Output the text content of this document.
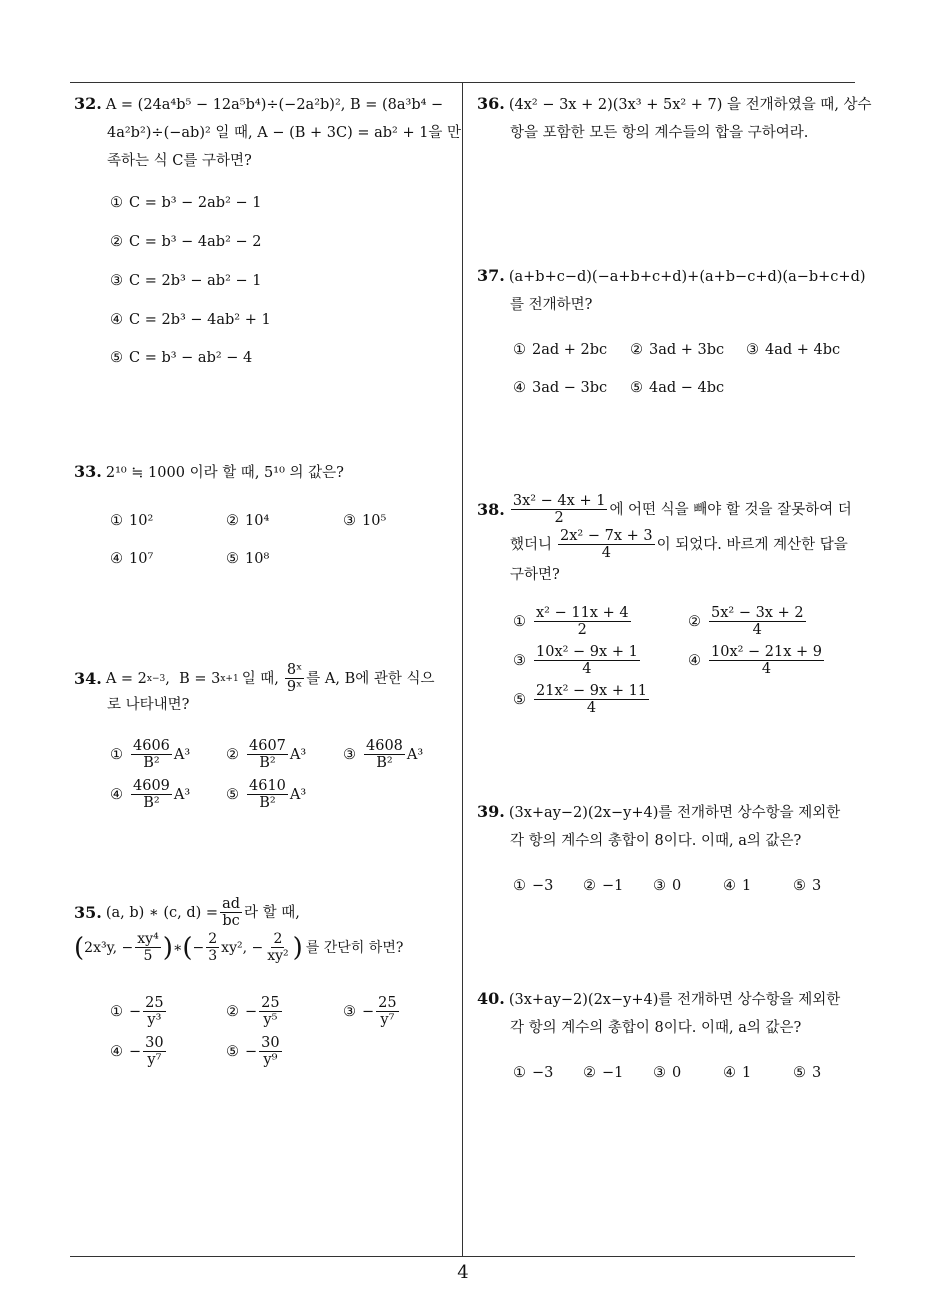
32. A = (24a⁴b⁵ − 12a⁵b⁴)÷(−2a²b)², B = (8a³b⁴ −
4a²b²)÷(−ab)² 일 때, A − (B + 3C) = ab² + 1을 만
족하는 식 C를 구하면?
① C = b³ − 2ab² − 1
② C = b³ − 4ab² − 2
③ C = 2b³ − ab² − 1
④ C = 2b³ − 4ab² + 1
⑤ C = b³ − ab² − 4
33. 2¹⁰ ≒ 1000 이라 할 때, 5¹⁰ 의 값은?
① 10²	② 10⁴	③ 10⁵
④ 10⁷	⑤ 10⁸
34. A = 2 x−3 ,  B = 3 x+1 일 때, $\frac{\text{8ˣ}}{\text{9ˣ}}$ 를 A, B에 관한 식으
로 나타내면?
① $\frac{4606}{\text{B²}} A^3$ ② $\frac{4607}{\text{B²}} A^3$	③ $\frac{4608}{\text{B²}} A^3$
④ $\frac{4609}{\text{B²}} A^3$ ⑤ $\frac{4610}{\text{B²}} A^3$
35. (a, b) ∗ (c, $d) = \frac{ad}{bc}$ 라 할 때,
( 2x³y, − $\frac{\text{xy⁴}}{5}$ ) ∗ ( − $\frac{2}{3} xy^2$, − $\frac{2}{\text{xy²}}$ ) 를 간단히 하면?
① − $\frac{25}{\text{y³}}$	② − $\frac{25}{\text{y⁵}}$	③ − $\frac{25}{\text{y⁷}}$
④ − $\frac{30}{\text{y⁷}}$	⑤ − $\frac{30}{\text{y⁹}}$
36. (4x² − 3x + 2)(3x³ + 5x² + 7) 을 전개하였을 때, 상수
항을 포함한 모든 항의 계수들의 합을 구하여라.
37. (a+b+c−d)(−a+b+c+d)+(a+b−c+d)(a−b+c+d)
를 전개하면?
① 2ad + 2bc ② 3ad + 3bc ③ 4ad + 4bc
④ 3ad − 3bc ⑤ 4ad − 4bc
38. $\frac{\text{3x² − 4x + 1}}{2}$ 에 어떤 식을 빼야 할 것을 잘못하여 더
했더니 $\frac{\text{2x² − 7x + 3}}{4}$ 이 되었다. 바르게 계산한 답을
구하면?
① $\frac{\text{x² − 11x + 4}}{2}$	② $\frac{\text{5x² − 3x + 2}}{4}$
③ $\frac{\text{10x² − 9x + 1}}{4}$	④ $\frac{\text{10x² − 21x + 9}}{4}$
⑤ $\frac{\text{21x² − 9x + 11}}{4}$
39. (3x+ay−2)(2x−y+4)를 전개하면 상수항을 제외한
각 항의 계수의 총합이 8이다. 이때, a의 값은?
① −3 ② −1 ③ 0	④ 1	⑤ 3
40. (3x+ay−2)(2x−y+4)를 전개하면 상수항을 제외한
각 항의 계수의 총합이 8이다. 이때, a의 값은?
① −3 ② −1 ③ 0	④ 1	⑤ 3
4
